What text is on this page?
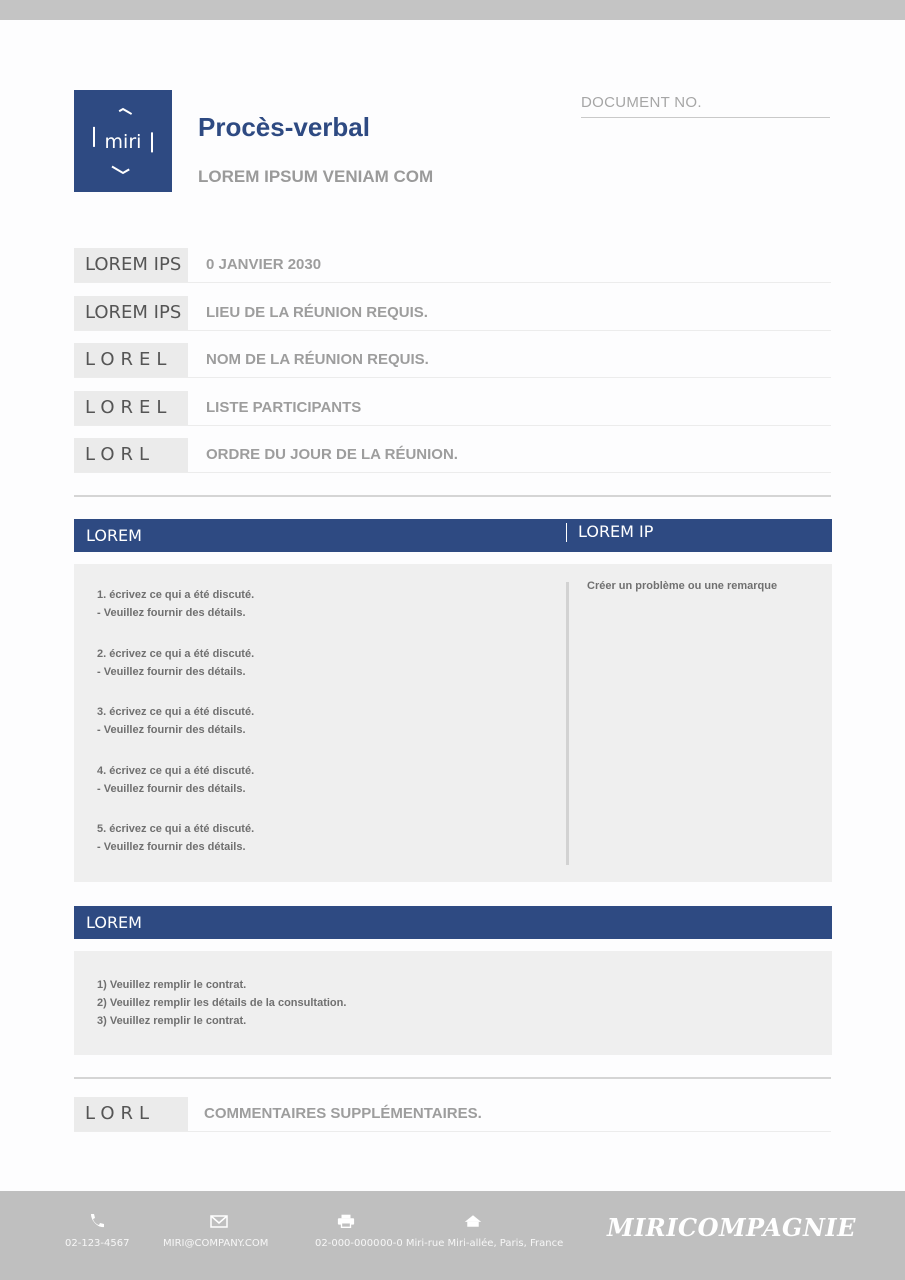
miri Procès-verbal
LOREM IPSUM VENIAM COM
DOCUMENT NO.
LOREM IPS	0 JANVIER 2030
LOREM IPS	LIEU DE LA RÉUNION REQUIS.
LOREL	NOM DE LA RÉUNION REQUIS.
LOREL	LISTE PARTICIPANTS
LORL	ORDRE DU JOUR DE LA RÉUNION.
LOREM	LOREM IP
1. écrivez ce qui a été discuté.
- Veuillez fournir des détails.
2. écrivez ce qui a été discuté.
- Veuillez fournir des détails.
3. écrivez ce qui a été discuté.
- Veuillez fournir des détails.
4. écrivez ce qui a été discuté.
- Veuillez fournir des détails.
5. écrivez ce qui a été discuté.
- Veuillez fournir des détails.
Créer un problème ou une remarque
LOREM
1) Veuillez remplir le contrat.
2) Veuillez remplir les détails de la consultation.
3) Veuillez remplir le contrat.
LORL	COMMENTAIRES SUPPLÉMENTAIRES.
02-123-4567	MIRI@COMPANY.COM	02-000-0000 00-0 Miri-rue Miri-allée, Paris, France
MIRICOMPAGNIE
